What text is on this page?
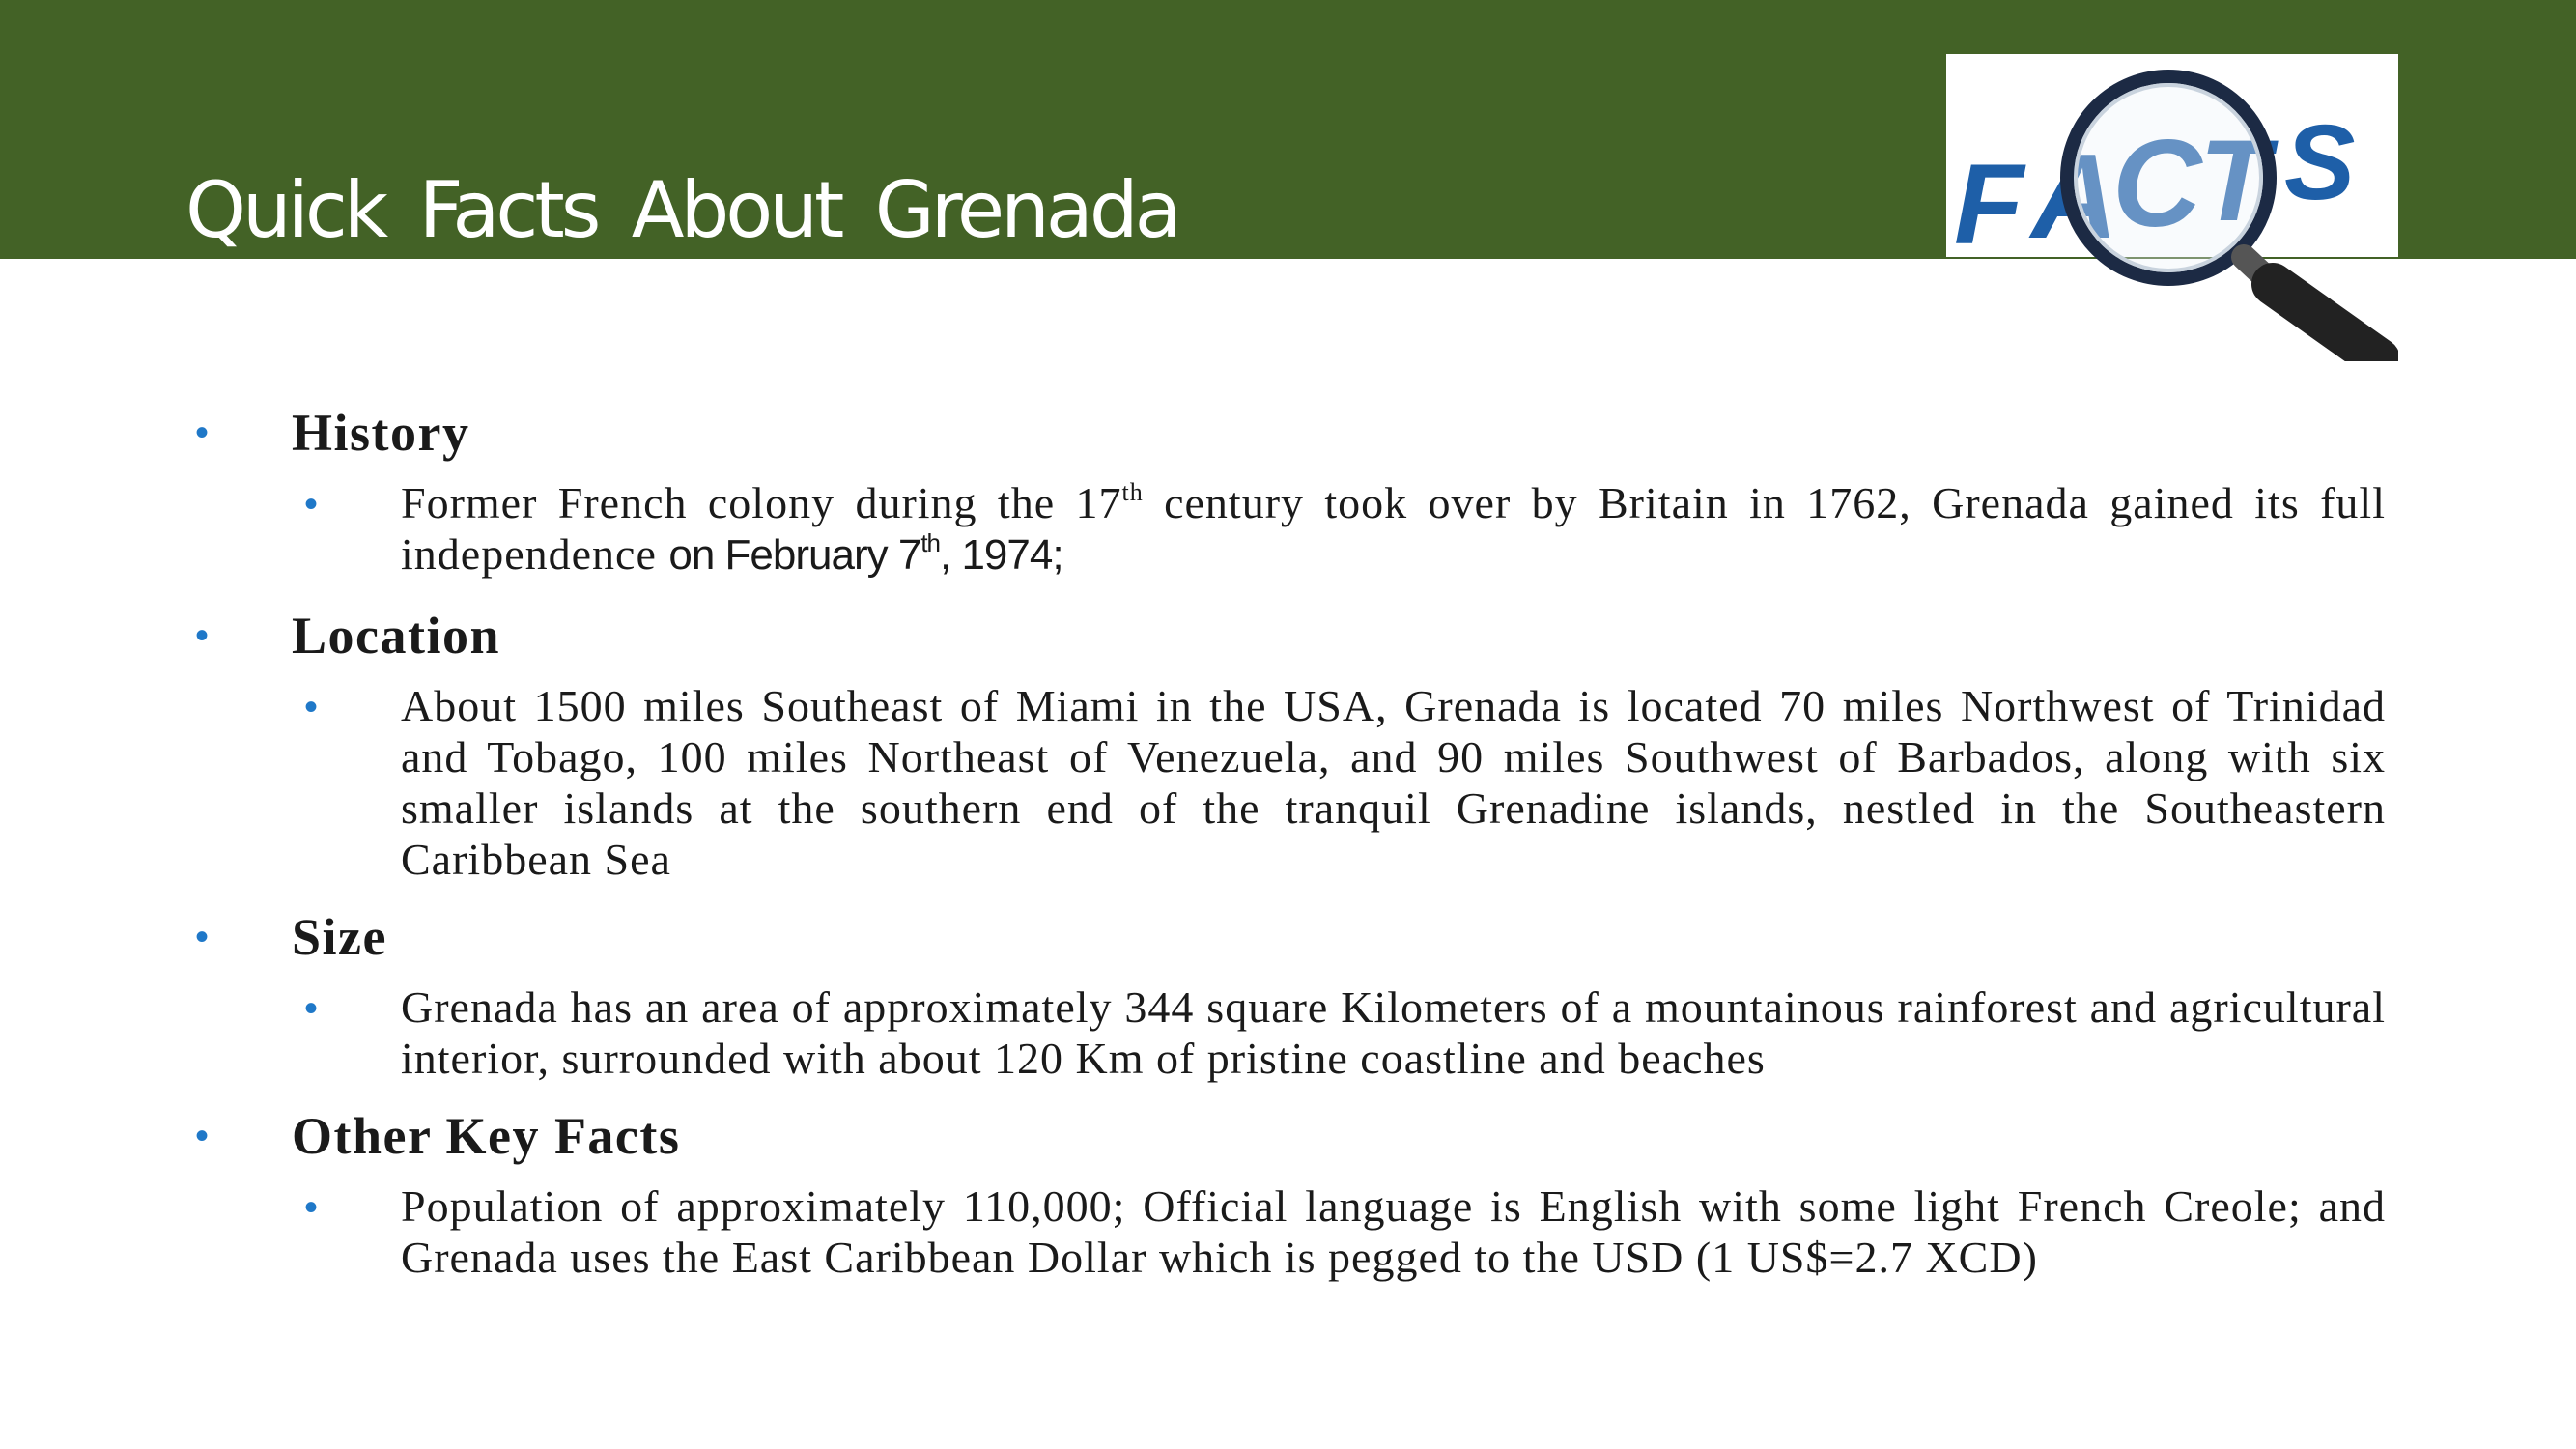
Quick Facts About Grenada	F A
C
T S
• History
• Former French colony during the 17th century took over by Britain in 1762, Grenada gained its full independence on February 7th, 1974;
• Location
• About 1500 miles Southeast of Miami in the USA, Grenada is located 70 miles Northwest of Trinidad and Tobago, 100 miles Northeast of Venezuela, and 90 miles Southwest of Barbados, along with six smaller islands at the southern end of the tranquil Grenadine islands, nestled in the Southeastern Caribbean Sea
• Size
• Grenada has an area of approximately 344 square Kilometers of a mountainous rainforest and agricultural interior, surrounded with about 120 Km of pristine coastline and beaches
• Other Key Facts
• Population of approximately 110,000; Official language is English with some light French Creole; and Grenada uses the East Caribbean Dollar which is pegged to the USD (1 US$=2.7 XCD)
